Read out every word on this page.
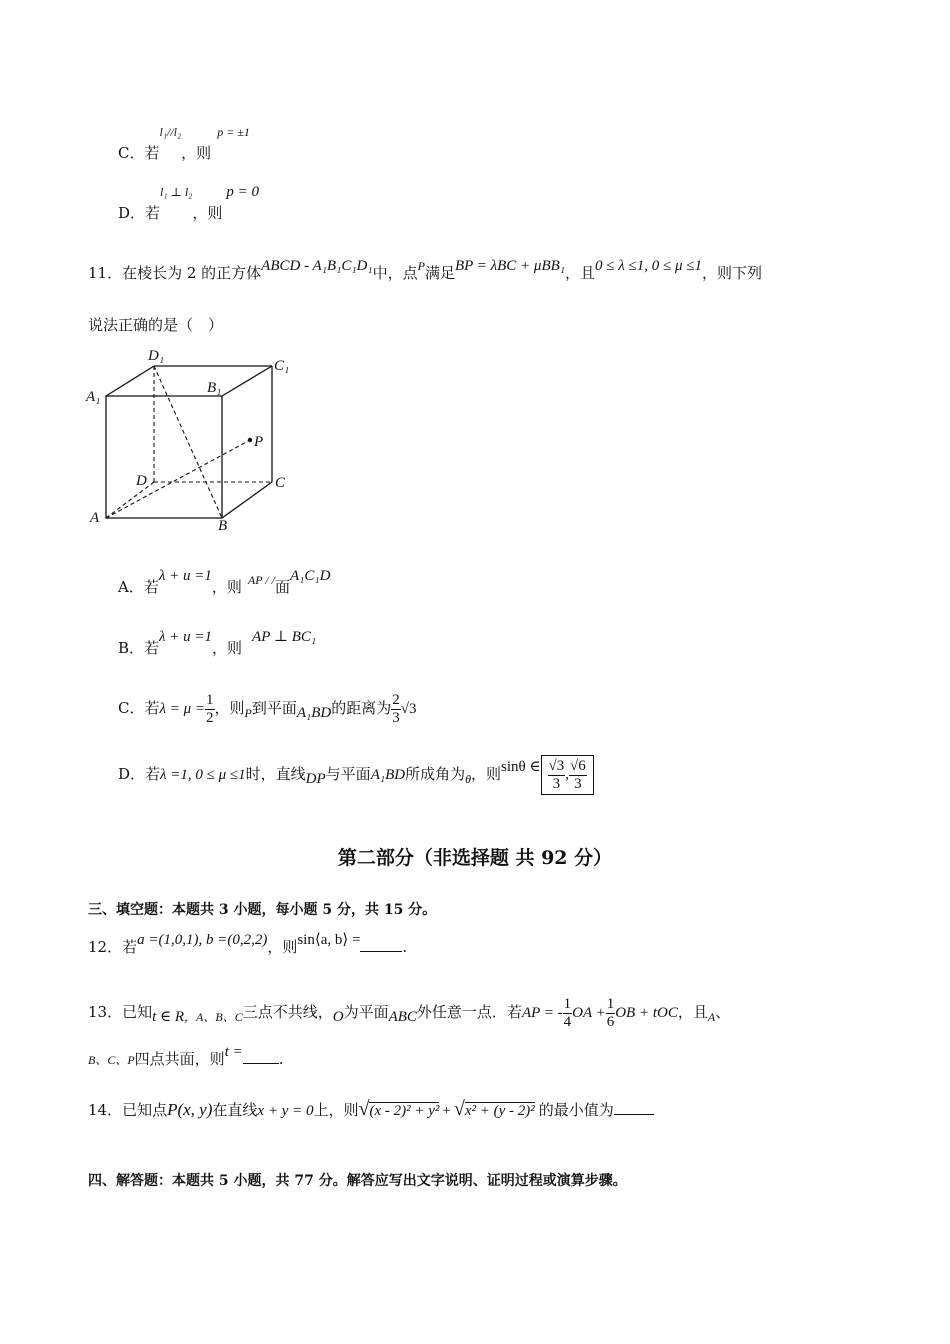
C．若$^{l_1//l_2}$，则$^{p = \pm 1}$
D．若$^{l_1 \perp l_2}$，则p = 0
11．在棱长为 2 的正方体ABCD - A₁B₁C₁D₁中，点$^P$满足BP = λBC + μBB₁，且0 ≤ λ ≤1, 0 ≤ μ ≤1，则下列
说法正确的是（　）
D₁
C₁
A₁
B₁
P
D	C
A	B
A．若λ + u =1，则 $^{AP / /}$面A₁C₁D
B．若λ + u =1，则AP ⊥ BC₁
C．若$\lambda = \mu = \frac{1}{2}$ ，则$_P$到平面A₁BD的距离为 $\frac{2}{3} √3$
D．若λ =1, 0 ≤ μ ≤1时，直线DP与平面A₁BD所成角为$_\theta$，则sinθ ∈ $\frac{√3}{3}$ , $\frac{√6}{3}$
第二部分（非选择题 共 92 分）
三、填空题：本题共 3 小题，每小题 5 分，共 15 分。
12．若a =(1,0,1), b =(0,2,2)，则sin⟨a, b⟩ =	.
13．已知t ∈ $R_{,A、B、C}$三点不共线，O为平面ABC外任意一点．若AP = - $\frac{1}{4}$ OA + $\frac{1}{6}$ OB + tOC，且$_A$、
B、C、P四点共面，则t = .
14．已知点P(x, y)在直线x + y = 0上，则√(x - 2)² + y² + √x² + (y - 2)² 的最小值为
四、解答题：本题共 5 小题，共 77 分。解答应写出文字说明、证明过程或演算步骤。
